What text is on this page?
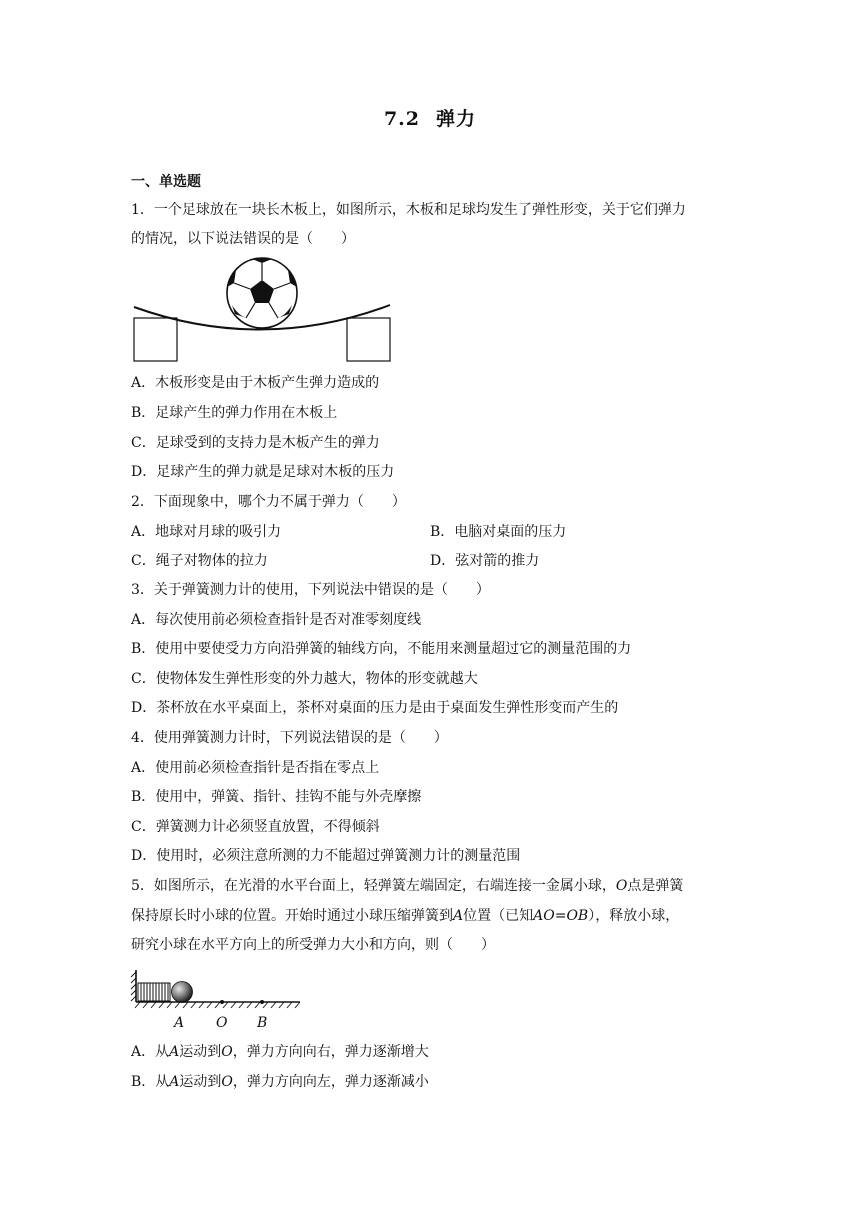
7.2 弹力
一、单选题
1．一个足球放在一块长木板上，如图所示，木板和足球均发生了弹性形变，关于它们弹力
的情况，以下说法错误的是（　　）
A．木板形变是由于木板产生弹力造成的
B．足球产生的弹力作用在木板上
C．足球受到的支持力是木板产生的弹力
D．足球产生的弹力就是足球对木板的压力
2．下面现象中，哪个力不属于弹力（　　）
A．地球对月球的吸引力	B．电脑对桌面的压力
C．绳子对物体的拉力	D．弦对箭的推力
3．关于弹簧测力计的使用，下列说法中错误的是（　　）
A．每次使用前必须检查指针是否对准零刻度线
B．使用中要使受力方向沿弹簧的轴线方向，不能用来测量超过它的测量范围的力
C．使物体发生弹性形变的外力越大，物体的形变就越大
D．茶杯放在水平桌面上，茶杯对桌面的压力是由于桌面发生弹性形变而产生的
4．使用弹簧测力计时，下列说法错误的是（　　）
A．使用前必须检查指针是否指在零点上
B．使用中，弹簧、指针、挂钩不能与外壳摩擦
C．弹簧测力计必须竖直放置，不得倾斜
D．使用时，必须注意所测的力不能超过弹簧测力计的测量范围
5．如图所示，在光滑的水平台面上，轻弹簧左端固定，右端连接一金属小球，O点是弹簧
保持原长时小球的位置。开始时通过小球压缩弹簧到A位置（已知AO=OB），释放小球，
研究小球在水平方向上的所受弹力大小和方向，则（　　）
A O B
A．从A运动到O，弹力方向向右，弹力逐渐增大
B．从A运动到O，弹力方向向左，弹力逐渐减小
